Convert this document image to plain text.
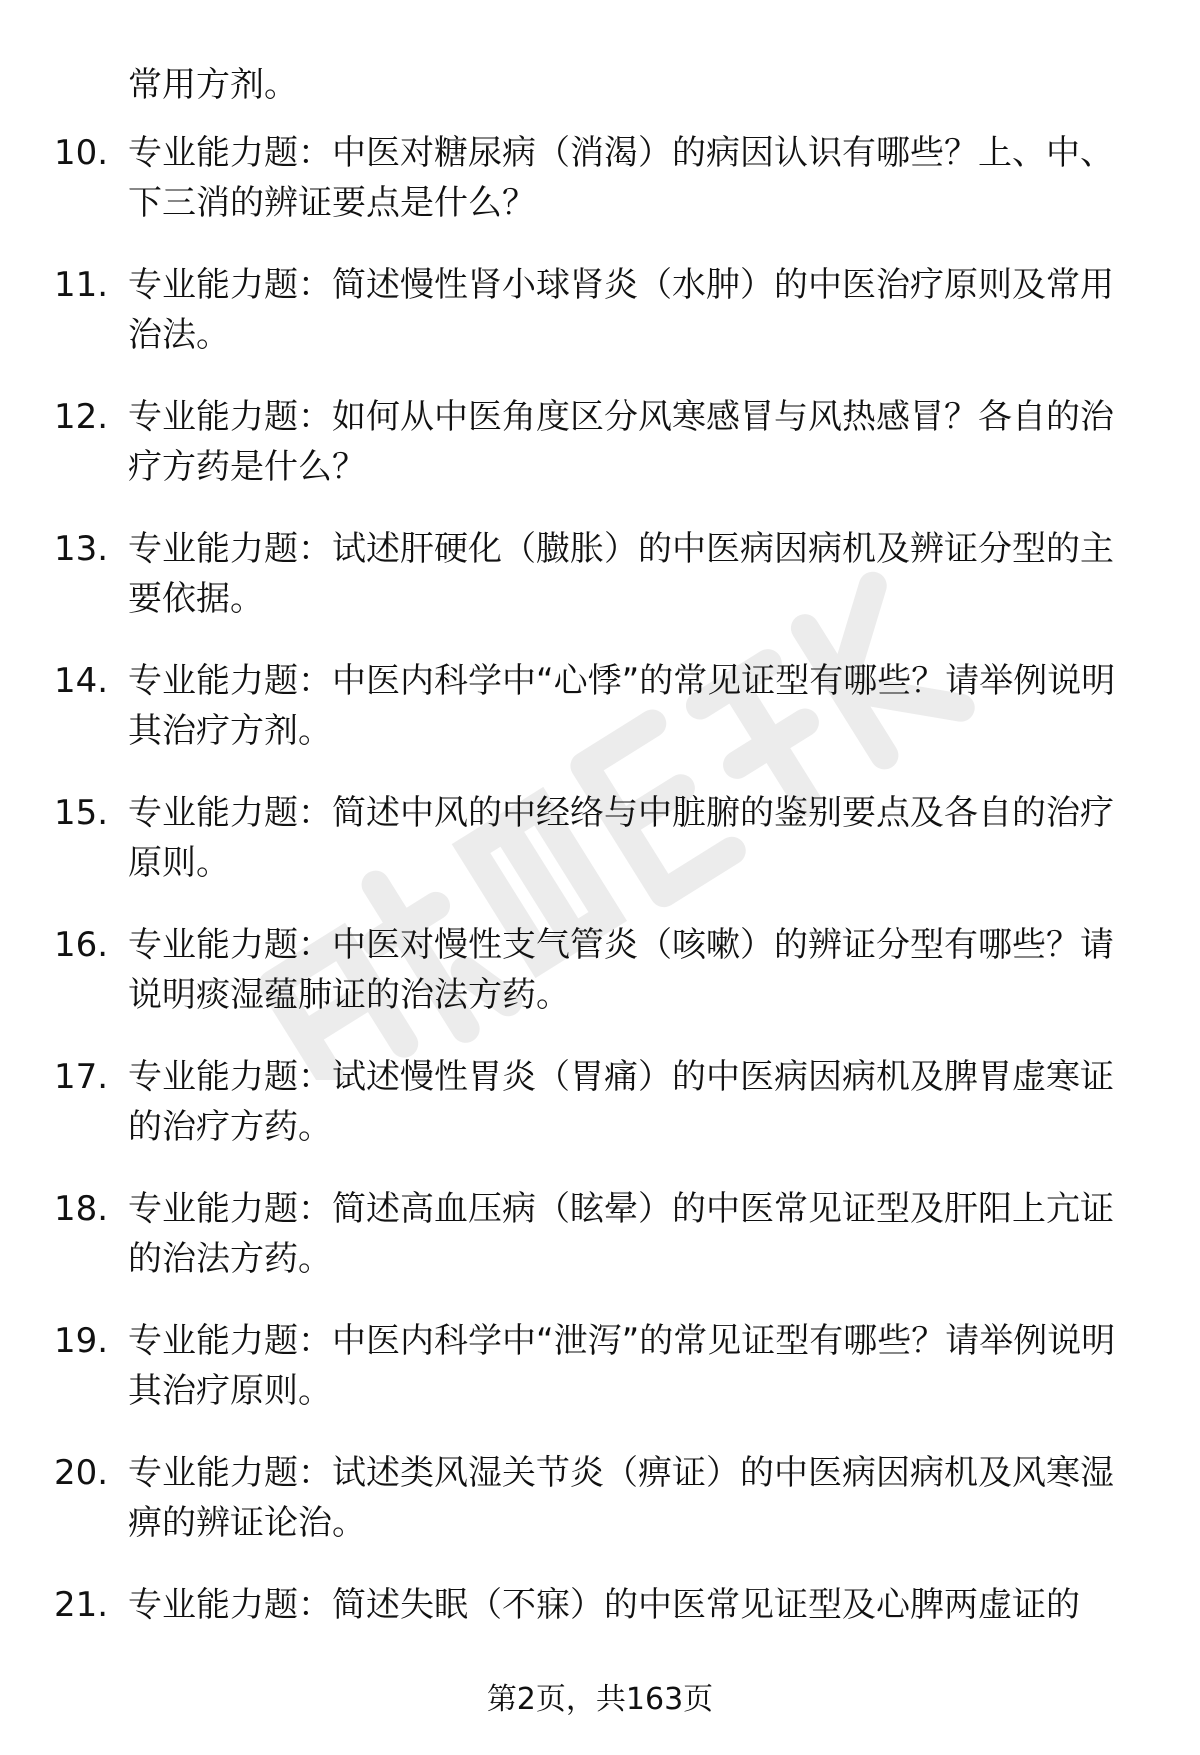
常用方剂。
10. 专业能力题：中医对糖尿病（消渴）的病因认识有哪些？上、中、下三消的辨证要点是什么？
11. 专业能力题：简述慢性肾小球肾炎（水肿）的中医治疗原则及常用治法。
12. 专业能力题：如何从中医角度区分风寒感冒与风热感冒？各自的治疗方药是什么？
13. 专业能力题：试述肝硬化（臌胀）的中医病因病机及辨证分型的主要依据。
14. 专业能力题：中医内科学中“心悸”的常见证型有哪些？请举例说明其治疗方剂。
15. 专业能力题：简述中风的中经络与中脏腑的鉴别要点及各自的治疗原则。
16. 专业能力题：中医对慢性支气管炎（咳嗽）的辨证分型有哪些？请说明痰湿蕴肺证的治法方药。
17. 专业能力题：试述慢性胃炎（胃痛）的中医病因病机及脾胃虚寒证的治疗方药。
18. 专业能力题：简述高血压病（眩晕）的中医常见证型及肝阳上亢证的治法方药。
19. 专业能力题：中医内科学中“泄泻”的常见证型有哪些？请举例说明其治疗原则。
20. 专业能力题：试述类风湿关节炎（痹证）的中医病因病机及风寒湿痹的辨证论治。
21. 专业能力题：简述失眠（不寐）的中医常见证型及心脾两虚证的
第2页，共163页
